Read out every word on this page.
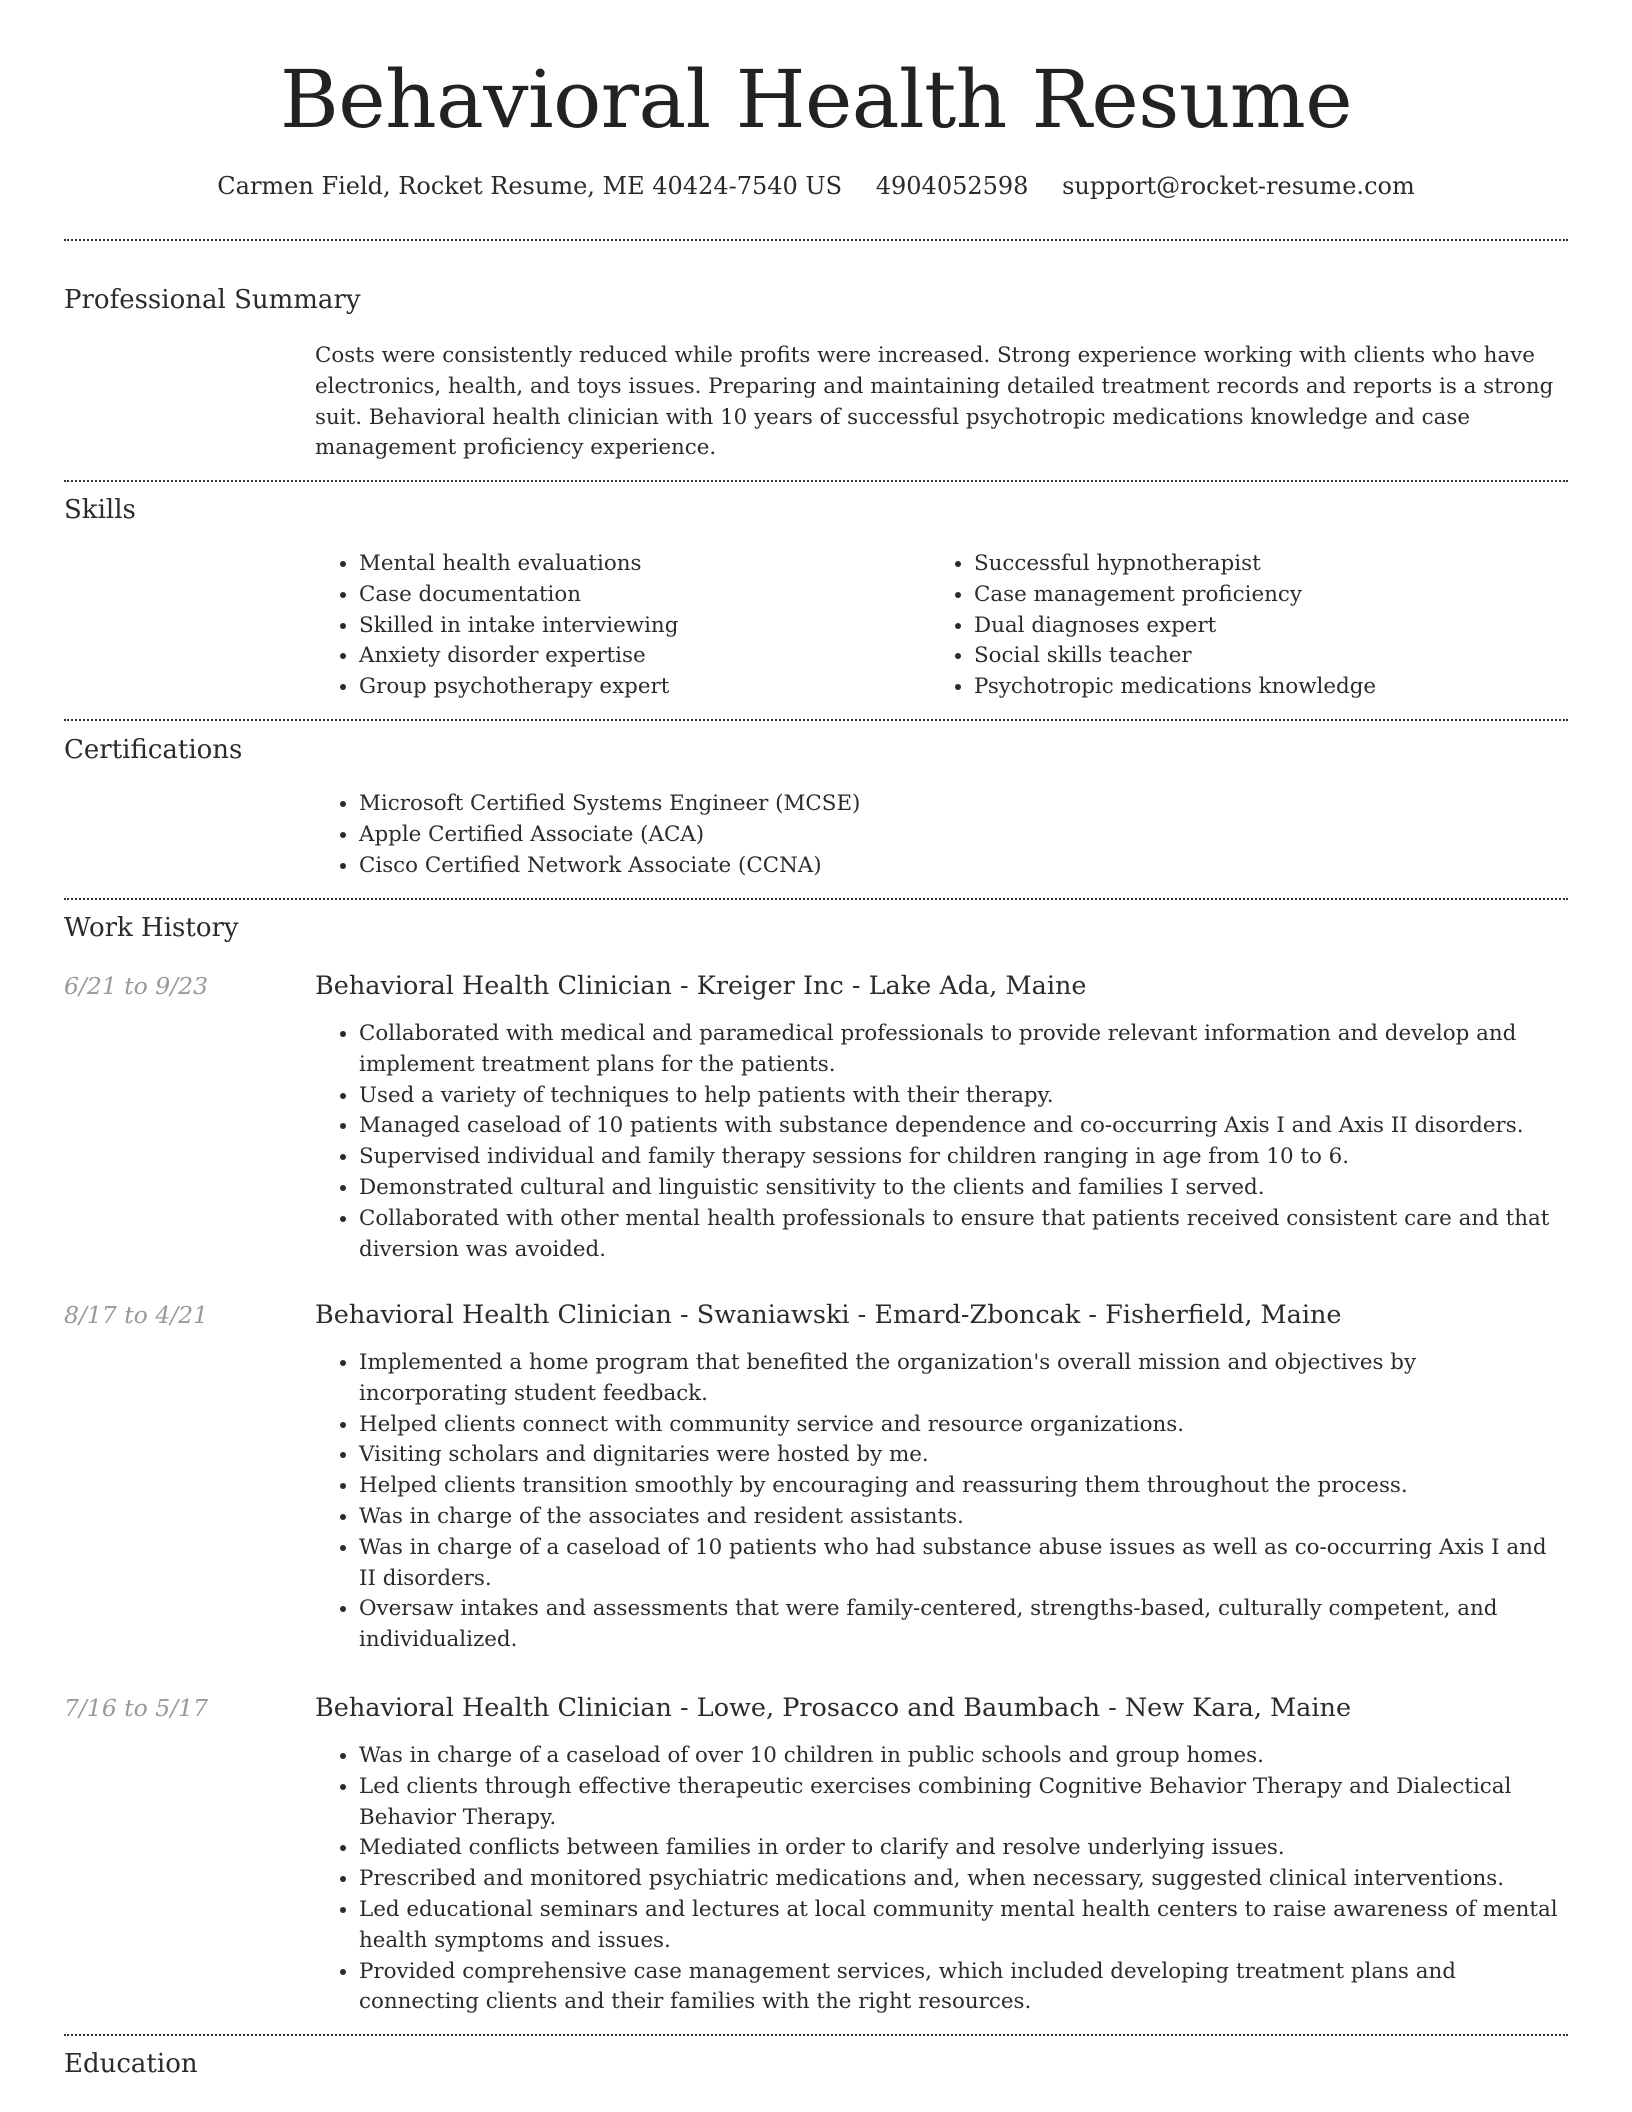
Behavioral Health Resume
Carmen Field, Rocket Resume, ME 40424-7540 US 4904052598 support@rocket-resume.com
Professional Summary
Costs were consistently reduced while profits were increased. Strong experience working with clients who have electronics, health, and toys issues. Preparing and maintaining detailed treatment records and reports is a strong suit. Behavioral health clinician with 10 years of successful psychotropic medications knowledge and case management proficiency experience.
Skills
• Mental health evaluations
• Case documentation
• Skilled in intake interviewing
• Anxiety disorder expertise
• Group psychotherapy expert
• Successful hypnotherapist
• Case management proficiency
• Dual diagnoses expert
• Social skills teacher
• Psychotropic medications knowledge
Certifications
• Microsoft Certified Systems Engineer (MCSE)
• Apple Certified Associate (ACA)
• Cisco Certified Network Associate (CCNA)
Work History
6/21 to 9/23	Behavioral Health Clinician - Kreiger Inc - Lake Ada, Maine
• Collaborated with medical and paramedical professionals to provide relevant information and develop and implement treatment plans for the patients.
• Used a variety of techniques to help patients with their therapy.
• Managed caseload of 10 patients with substance dependence and co-occurring Axis I and Axis II disorders.
• Supervised individual and family therapy sessions for children ranging in age from 10 to 6.
• Demonstrated cultural and linguistic sensitivity to the clients and families I served.
• Collaborated with other mental health professionals to ensure that patients received consistent care and that diversion was avoided.
8/17 to 4/21	Behavioral Health Clinician - Swaniawski - Emard-Zboncak - Fisherfield, Maine
• Implemented a home program that benefited the organization's overall mission and objectives by incorporating student feedback.
• Helped clients connect with community service and resource organizations.
• Visiting scholars and dignitaries were hosted by me.
• Helped clients transition smoothly by encouraging and reassuring them throughout the process.
• Was in charge of the associates and resident assistants.
• Was in charge of a caseload of 10 patients who had substance abuse issues as well as co-occurring Axis I and II disorders.
• Oversaw intakes and assessments that were family-centered, strengths-based, culturally competent, and individualized.
7/16 to 5/17	Behavioral Health Clinician - Lowe, Prosacco and Baumbach - New Kara, Maine
• Was in charge of a caseload of over 10 children in public schools and group homes.
• Led clients through effective therapeutic exercises combining Cognitive Behavior Therapy and Dialectical Behavior Therapy.
• Mediated conflicts between families in order to clarify and resolve underlying issues.
• Prescribed and monitored psychiatric medications and, when necessary, suggested clinical interventions.
• Led educational seminars and lectures at local community mental health centers to raise awareness of mental health symptoms and issues.
• Provided comprehensive case management services, which included developing treatment plans and connecting clients and their families with the right resources.
Education
